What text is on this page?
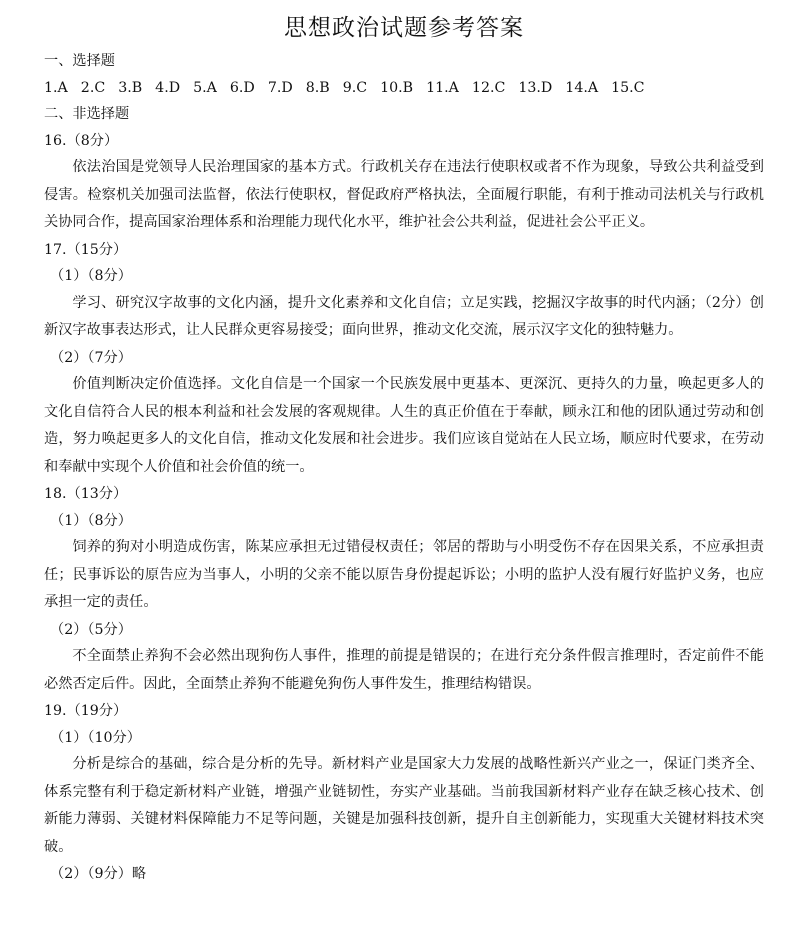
思想政治试题参考答案
一、选择题
1.A 2.C 3.B 4.D 5.A 6.D 7.D 8.B 9.C 10.B 11.A 12.C 13.D 14.A 15.C
二、非选择题
16.（8分）

依法治国是党领导人民治理国家的基本方式。行政机关存在违法行使职权或者不作为现象，导致公共利益受到侵害。检察机关加强司法监督，依法行使职权，督促政府严格执法，全面履行职能，有利于推动司法机关与行政机关协同合作，提高国家治理体系和治理能力现代化水平，维护社会公共利益，促进社会公平正义。

17.（15分）
（1）（8分）

学习、研究汉字故事的文化内涵，提升文化素养和文化自信；立足实践，挖掘汉字故事的时代内涵；（2分）创新汉字故事表达形式，让人民群众更容易接受；面向世界，推动文化交流，展示汉字文化的独特魅力。

（2）（7分）

价值判断决定价值选择。文化自信是一个国家一个民族发展中更基本、更深沉、更持久的力量，唤起更多人的文化自信符合人民的根本利益和社会发展的客观规律。人生的真正价值在于奉献，顾永江和他的团队通过劳动和创造，努力唤起更多人的文化自信，推动文化发展和社会进步。我们应该自觉站在人民立场，顺应时代要求，在劳动和奉献中实现个人价值和社会价值的统一。

18.（13分）
（1）（8分）

饲养的狗对小明造成伤害，陈某应承担无过错侵权责任；邻居的帮助与小明受伤不存在因果关系，不应承担责任；民事诉讼的原告应为当事人，小明的父亲不能以原告身份提起诉讼；小明的监护人没有履行好监护义务，也应承担一定的责任。

（2）（5分）

不全面禁止养狗不会必然出现狗伤人事件，推理的前提是错误的；在进行充分条件假言推理时，否定前件不能必然否定后件。因此，全面禁止养狗不能避免狗伤人事件发生，推理结构错误。

19.（19分）
（1）（10分）

分析是综合的基础，综合是分析的先导。新材料产业是国家大力发展的战略性新兴产业之一，保证门类齐全、体系完整有利于稳定新材料产业链，增强产业链韧性，夯实产业基础。当前我国新材料产业存在缺乏核心技术、创新能力薄弱、关键材料保障能力不足等问题，关键是加强科技创新，提升自主创新能力，实现重大关键材料技术突破。

（2）（9分）略
